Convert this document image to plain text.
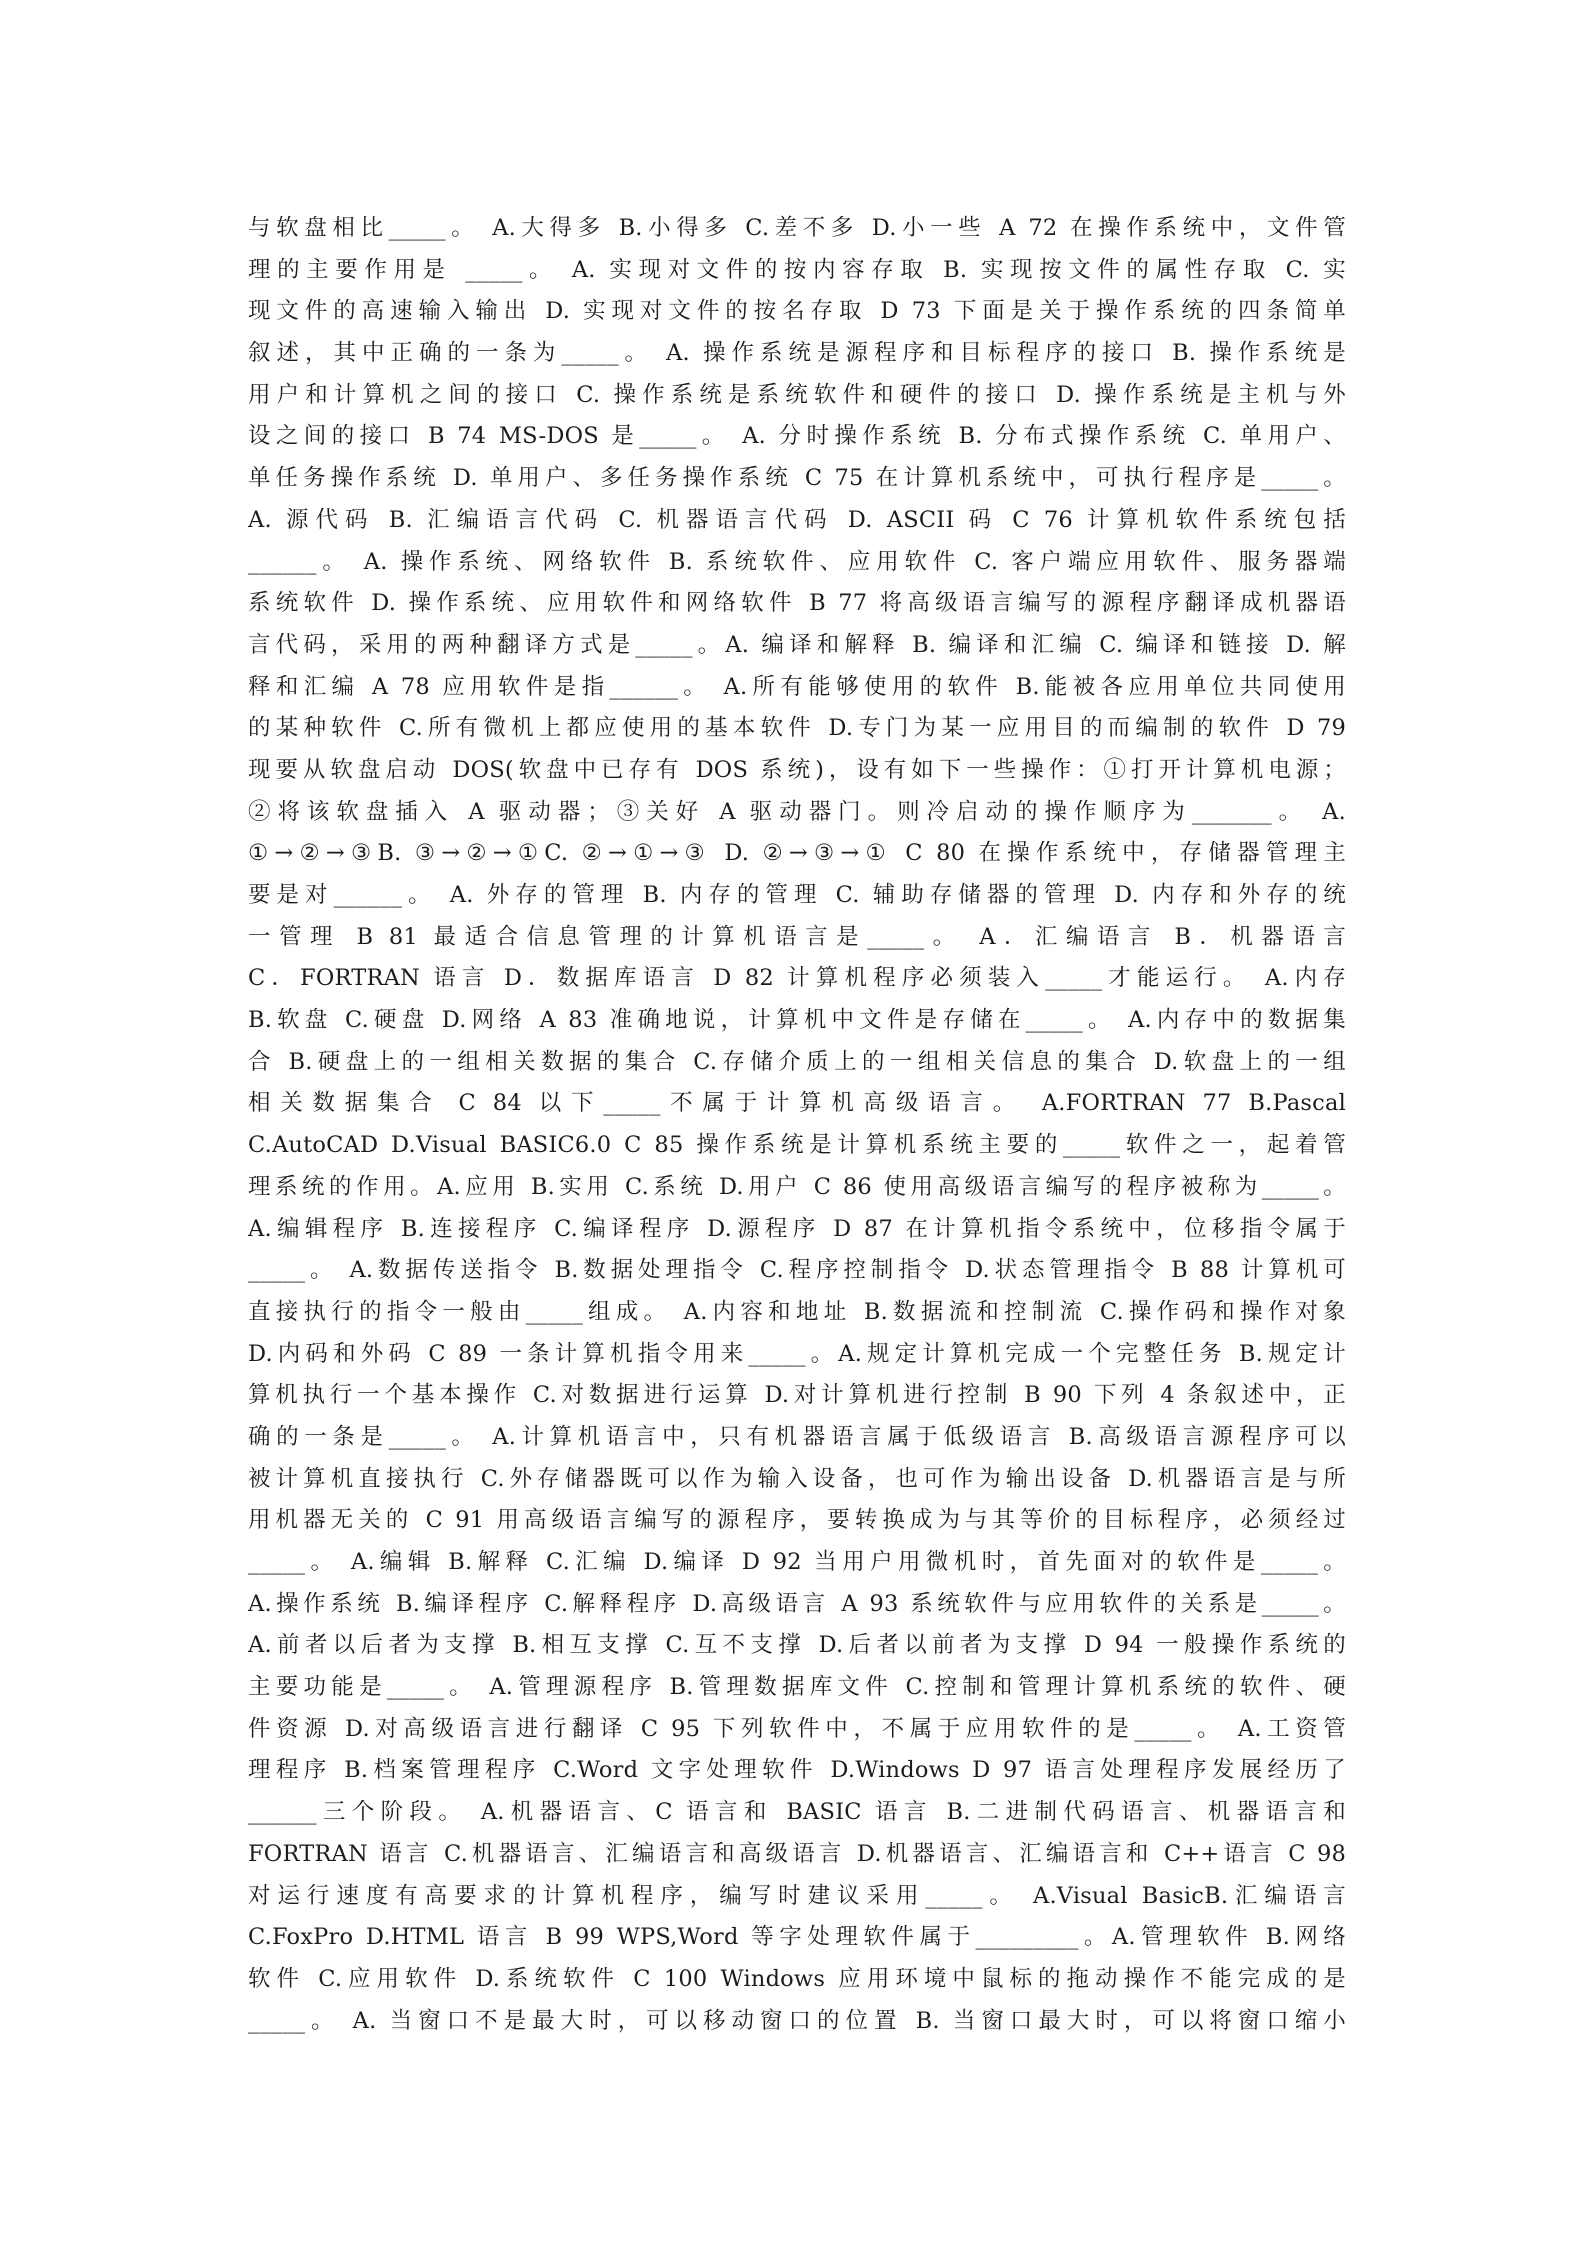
与软盘相比_____。 A.大得多 B.小得多 C.差不多 D.小一些 A 72 在操作系统中，文件管
理的主要作用是 _____。 A. 实现对文件的按内容存取 B. 实现按文件的属性存取 C. 实
现文件的高速输入输出 D. 实现对文件的按名存取 D 73 下面是关于操作系统的四条简单
叙述，其中正确的一条为_____。 A. 操作系统是源程序和目标程序的接口 B. 操作系统是
用户和计算机之间的接口 C. 操作系统是系统软件和硬件的接口 D. 操作系统是主机与外
设之间的接口 B 74 MS-DOS 是_____。 A. 分时操作系统 B. 分布式操作系统 C. 单用户、
单任务操作系统 D. 单用户、多任务操作系统 C 75 在计算机系统中，可执行程序是_____。
A. 源代码 B. 汇编语言代码 C. 机器语言代码 D. ASCII 码 C 76 计算机软件系统包括
______。 A. 操作系统、网络软件 B. 系统软件、应用软件 C. 客户端应用软件、服务器端
系统软件 D. 操作系统、应用软件和网络软件 B 77 将高级语言编写的源程序翻译成机器语
言代码，采用的两种翻译方式是_____。A. 编译和解释 B. 编译和汇编 C. 编译和链接 D. 解
释和汇编 A 78 应用软件是指______。 A.所有能够使用的软件 B.能被各应用单位共同使用
的某种软件 C.所有微机上都应使用的基本软件 D.专门为某一应用目的而编制的软件 D 79
现要从软盘启动 DOS(软盘中已存有 DOS 系统)，设有如下一些操作：①打开计算机电源；
②将该软盘插入 A 驱动器；③关好 A 驱动器门。则冷启动的操作顺序为_______。 A.
①→②→③B. ③→②→①C. ②→①→③ D. ②→③→① C 80 在操作系统中，存储器管理主
要是对______。 A. 外存的管理 B. 内存的管理 C. 辅助存储器的管理 D. 内存和外存的统
一管理 B 81 最适合信息管理的计算机语言是_____。 A．汇编语言 B．机器语言
C．FORTRAN 语言 D．数据库语言 D 82 计算机程序必须装入_____才能运行。 A.内存
B.软盘 C.硬盘 D.网络 A 83 准确地说，计算机中文件是存储在_____。 A.内存中的数据集
合 B.硬盘上的一组相关数据的集合 C.存储介质上的一组相关信息的集合 D.软盘上的一组
相关数据集合 C 84 以下_____不属于计算机高级语言。 A.FORTRAN 77 B.Pascal
C.AutoCAD D.Visual BASIC6.0 C 85 操作系统是计算机系统主要的_____软件之一，起着管
理系统的作用。A.应用 B.实用 C.系统 D.用户 C 86 使用高级语言编写的程序被称为_____。
A.编辑程序 B.连接程序 C.编译程序 D.源程序 D 87 在计算机指令系统中，位移指令属于
_____。 A.数据传送指令 B.数据处理指令 C.程序控制指令 D.状态管理指令 B 88 计算机可
直接执行的指令一般由_____组成。 A.内容和地址 B.数据流和控制流 C.操作码和操作对象
D.内码和外码 C 89 一条计算机指令用来_____。A.规定计算机完成一个完整任务 B.规定计
算机执行一个基本操作 C.对数据进行运算 D.对计算机进行控制 B 90 下列 4 条叙述中，正
确的一条是_____。 A.计算机语言中，只有机器语言属于低级语言 B.高级语言源程序可以
被计算机直接执行 C.外存储器既可以作为输入设备，也可作为输出设备 D.机器语言是与所
用机器无关的 C 91 用高级语言编写的源程序，要转换成为与其等价的目标程序，必须经过
_____。 A.编辑 B.解释 C.汇编 D.编译 D 92 当用户用微机时，首先面对的软件是_____。
A.操作系统 B.编译程序 C.解释程序 D.高级语言 A 93 系统软件与应用软件的关系是_____。
A.前者以后者为支撑 B.相互支撑 C.互不支撑 D.后者以前者为支撑 D 94 一般操作系统的
主要功能是_____。 A.管理源程序 B.管理数据库文件 C.控制和管理计算机系统的软件、硬
件资源 D.对高级语言进行翻译 C 95 下列软件中，不属于应用软件的是_____。 A.工资管
理程序 B.档案管理程序 C.Word 文字处理软件 D.Windows D 97 语言处理程序发展经历了
______三个阶段。 A.机器语言、C 语言和 BASIC 语言 B.二进制代码语言、机器语言和
FORTRAN 语言 C.机器语言、汇编语言和高级语言 D.机器语言、汇编语言和 C++语言 C 98
对运行速度有高要求的计算机程序，编写时建议采用_____。 A.Visual BasicB.汇编语言
C.FoxPro D.HTML 语言 B 99 WPS,Word 等字处理软件属于_________。A.管理软件 B.网络
软件 C.应用软件 D.系统软件 C 100 Windows 应用环境中鼠标的拖动操作不能完成的是
_____。 A. 当窗口不是最大时，可以移动窗口的位置 B. 当窗口最大时，可以将窗口缩小
